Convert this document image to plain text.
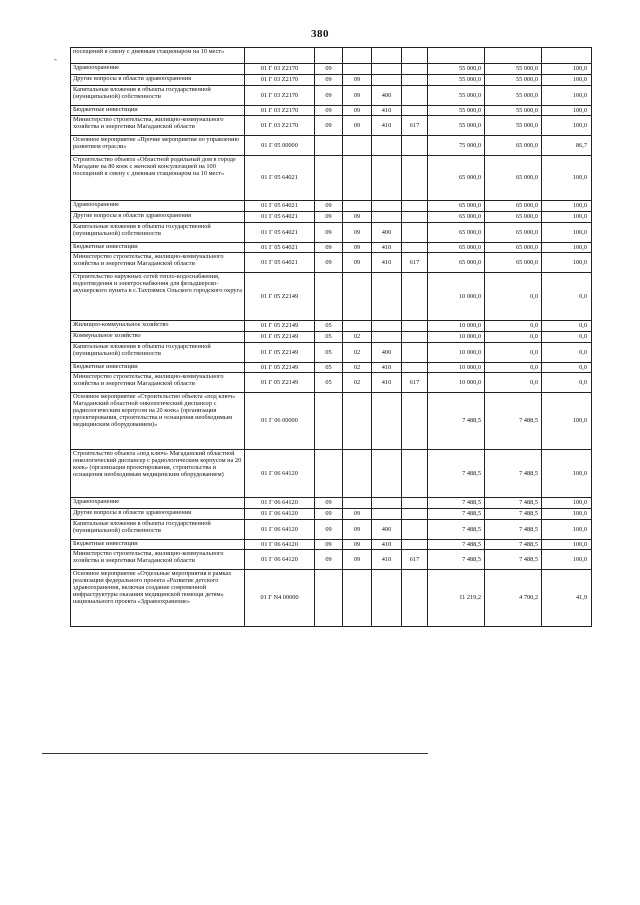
380
-
посещений в смену с дневным стационаром на 10 мест»								
Здравоохранение	01 Г 03 Z2170	09				55 000,0	55 000,0	100,0
Другие вопросы в области здравоохранения	01 Г 03 Z2170	09	09			55 000,0	55 000,0	100,0
Капитальные вложения в объекты государственной (муниципальной) собственности	01 Г 03 Z2170	09	09	400		55 000,0	55 000,0	100,0
Бюджетные инвестиции	01 Г 03 Z2170	09	09	410		55 000,0	55 000,0	100,0
Министерство строительства, жилищно-коммунального хозяйства и энергетики Магаданской области	01 Г 03 Z2170	09	09	410	617	55 000,0	55 000,0	100,0
Основное мероприятие «Прочие мероприятия по управлению развитием отрасли»	01 Г 05 00000					75 000,0	65 000,0	86,7
Строительство объекта «Областной родильный дом в городе Магадане на 80 коек с женской консультацией на 100 посещений в смену с дневным стационаром на 10 мест»	01 Г 05 64021					65 000,0	65 000,0	100,0
Здравоохранение	01 Г 05 64021	09				65 000,0	65 000,0	100,0
Другие вопросы в области здравоохранения	01 Г 05 64021	09	09			65 000,0	65 000,0	100,0
Капитальные вложения в объекты государственной (муниципальной) собственности	01 Г 05 64021	09	09	400		65 000,0	65 000,0	100,0
Бюджетные инвестиции	01 Г 05 64021	09	09	410		65 000,0	65 000,0	100,0
Министерство строительства, жилищно-коммунального хозяйства и энергетики Магаданской области	01 Г 05 64021	09	09	410	617	65 000,0	65 000,0	100,0
Строительство наружных сетей тепло-водоснабжения, водоотведения и электроснабжения для фельдшерско-акушерского пункта в с.Тахтоямск Ольского городского округа	01 Г 05 Z2149					10 000,0	0,0	0,0
Жилищно-коммунальное хозяйство	01 Г 05 Z2149	05				10 000,0	0,0	0,0
Коммунальное хозяйство	01 Г 05 Z2149	05	02			10 000,0	0,0	0,0
Капитальные вложения в объекты государственной (муниципальной) собственности	01 Г 05 Z2149	05	02	400		10 000,0	0,0	0,0
Бюджетные инвестиции	01 Г 05 Z2149	05	02	410		10 000,0	0,0	0,0
Министерство строительства, жилищно-коммунального хозяйства и энергетики Магаданской области	01 Г 05 Z2149	05	02	410	617	10 000,0	0,0	0,0
Основное мероприятие «Строительство объекта «под ключ» Магаданский областной онкологический диспансер с радиологическим корпусом на 20 коек» (организация проектирования, строительства и оснащения необходимым медицинским оборудованием)»	01 Г 06 00000					7 488,5	7 488,5	100,0
Строительство объекта «под ключ» Магаданский областной онкологический диспансер с радиологическим корпусом на 20 коек» (организация проектирования, строительства и оснащения необходимым медицинским оборудованием)	01 Г 06 64120					7 488,5	7 488,5	100,0
Здравоохранение	01 Г 06 64120	09				7 488,5	7 488,5	100,0
Другие вопросы в области здравоохранения	01 Г 06 64120	09	09			7 488,5	7 488,5	100,0
Капитальные вложения в объекты государственной (муниципальной) собственности	01 Г 06 64120	09	09	400		7 488,5	7 488,5	100,0
Бюджетные инвестиции	01 Г 06 64120	09	09	410		7 488,5	7 488,5	100,0
Министерство строительства, жилищно-коммунального хозяйства и энергетики Магаданской области	01 Г 06 64120	09	09	410	617	7 488,5	7 488,5	100,0
Основное мероприятие «Отдельные мероприятия в рамках реализации федерального проекта «Развитие детского здравоохранения, включая создание современной инфраструктуры оказания медицинской помощи детям» национального проекта «Здравоохранение»	01 Г N4 00000					11 219,2	4 700,2	41,9
